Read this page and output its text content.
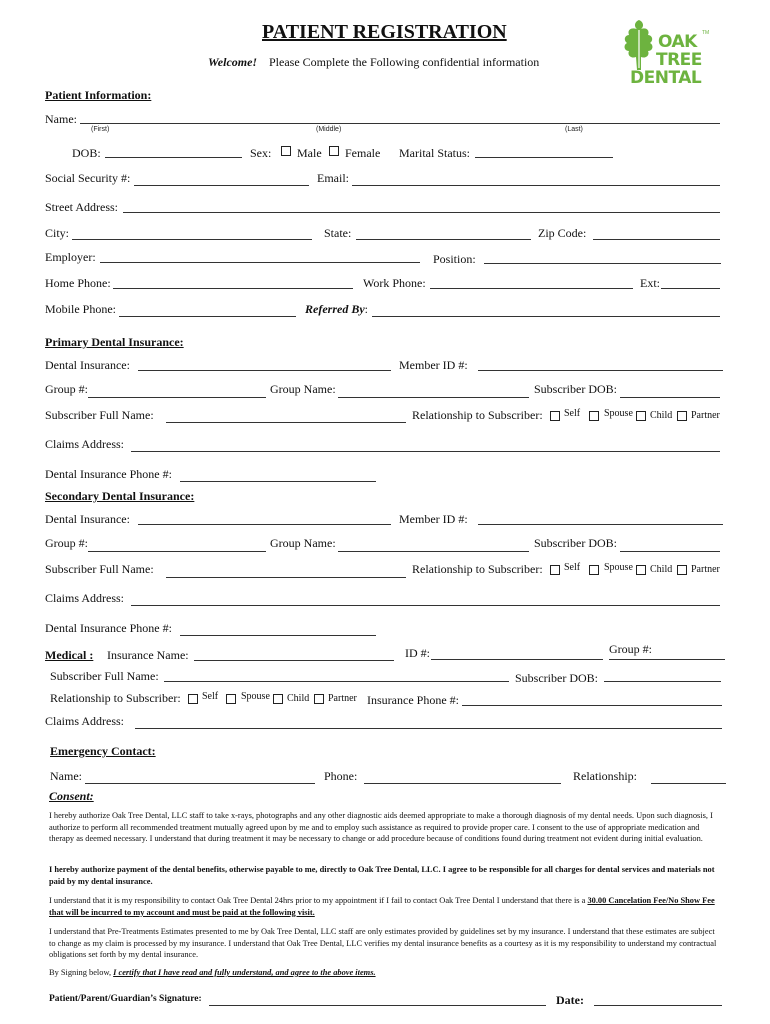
PATIENT REGISTRATION
Welcome! Please Complete the Following confidential information
OAK TM
TREE
DENTAL
Patient Information:
Name:
(First)	(Middle)	(Last)
DOB:	Sex: Male Female Marital Status:
Social Security #:	Email:
Street Address:
City:	State:	Zip Code:
Employer:	Position:
Home Phone:	Work Phone:	Ext:
Mobile Phone:	Referred By:
Primary Dental Insurance:
Dental Insurance:	Member ID #:
Group #:	Group Name:	Subscriber DOB:
Subscriber Full Name:	Relationship to Subscriber: Self Spouse Child Partner
Claims Address:
Dental Insurance Phone #:
Secondary Dental Insurance:
Dental Insurance:	Member ID #:
Group #:	Group Name:	Subscriber DOB:
Subscriber Full Name:	Relationship to Subscriber: Self Spouse Child Partner
Claims Address:
Dental Insurance Phone #:
Medical : Insurance Name:	ID #:	Group #:
Subscriber Full Name:	Subscriber DOB:
Relationship to Subscriber: Self Spouse Child Partner Insurance Phone #:
Claims Address:
Emergency Contact:
Name:	Phone:	Relationship:
Consent:
I hereby authorize Oak Tree Dental, LLC staff to take x-rays, photographs and any other diagnostic aids deemed appropriate to make a thorough diagnosis of my dental needs. Upon such diagnosis, I authorize to perform all recommended treatment mutually agreed upon by me and to employ such assistance as required to provide proper care. I consent to the use of appropriate medication and therapy as deemed necessary. I understand that during treatment it may be necessary to change or add procedure because of conditions found during treatment not evident during initial evaluation.
I hereby authorize payment of the dental benefits, otherwise payable to me, directly to Oak Tree Dental, LLC. I agree to be responsible for all charges for dental services and materials not paid by my dental insurance.
I understand that it is my responsibility to contact Oak Tree Dental 24hrs prior to my appointment if I fail to contact Oak Tree Dental I understand that there is a 30.00 Cancelation Fee/No Show Fee that will be incurred to my account and must be paid at the following visit.
I understand that Pre-Treatments Estimates presented to me by Oak Tree Dental, LLC staff are only estimates provided by guidelines set by my insurance. I understand that these estimates are subject to change as my claim is processed by my insurance. I understand that Oak Tree Dental, LLC verifies my dental insurance benefits as a courtesy as it is my responsibility to understand my contractual obligations set forth by my dental insurance.
By Signing below, I certify that I have read and fully understand, and agree to the above items.
Patient/Parent/Guardian’s Signature:	Date:
